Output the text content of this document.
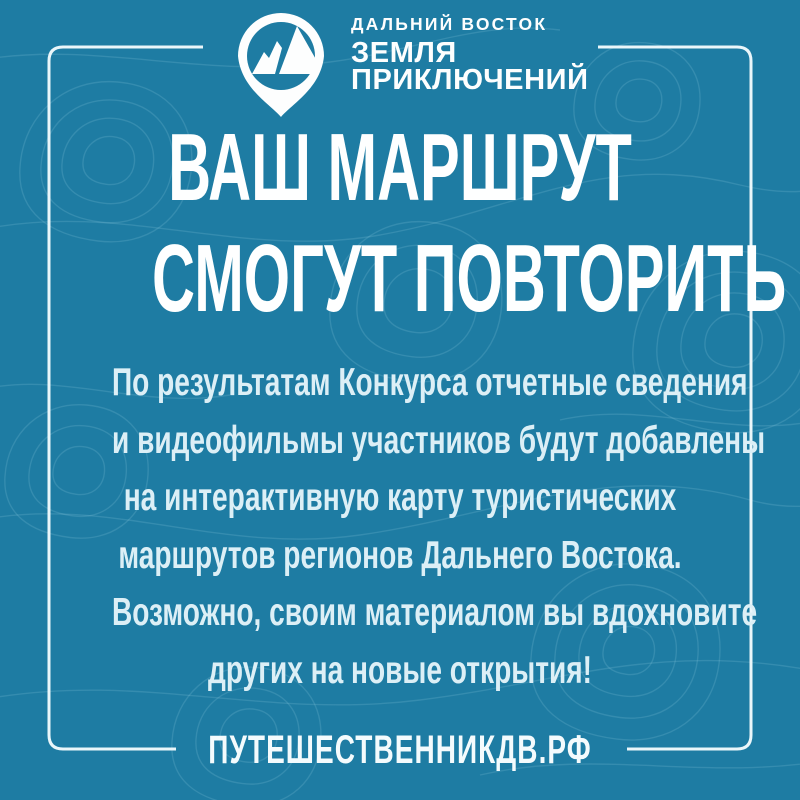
ДАЛЬНИЙ ВОСТОК
ЗЕМЛЯ
ПРИКЛЮЧЕНИЙ
ВАШ МАРШРУТ
СМОГУТ ПОВТОРИТЬ
По результатам Конкурса отчетные сведения
и видеофильмы участников будут добавлены
на интерактивную карту туристических
маршрутов регионов Дальнего Востока.
Возможно, своим материалом вы вдохновите
других на новые открытия!
ПУТЕШЕСТВЕННИКДВ.РФ
